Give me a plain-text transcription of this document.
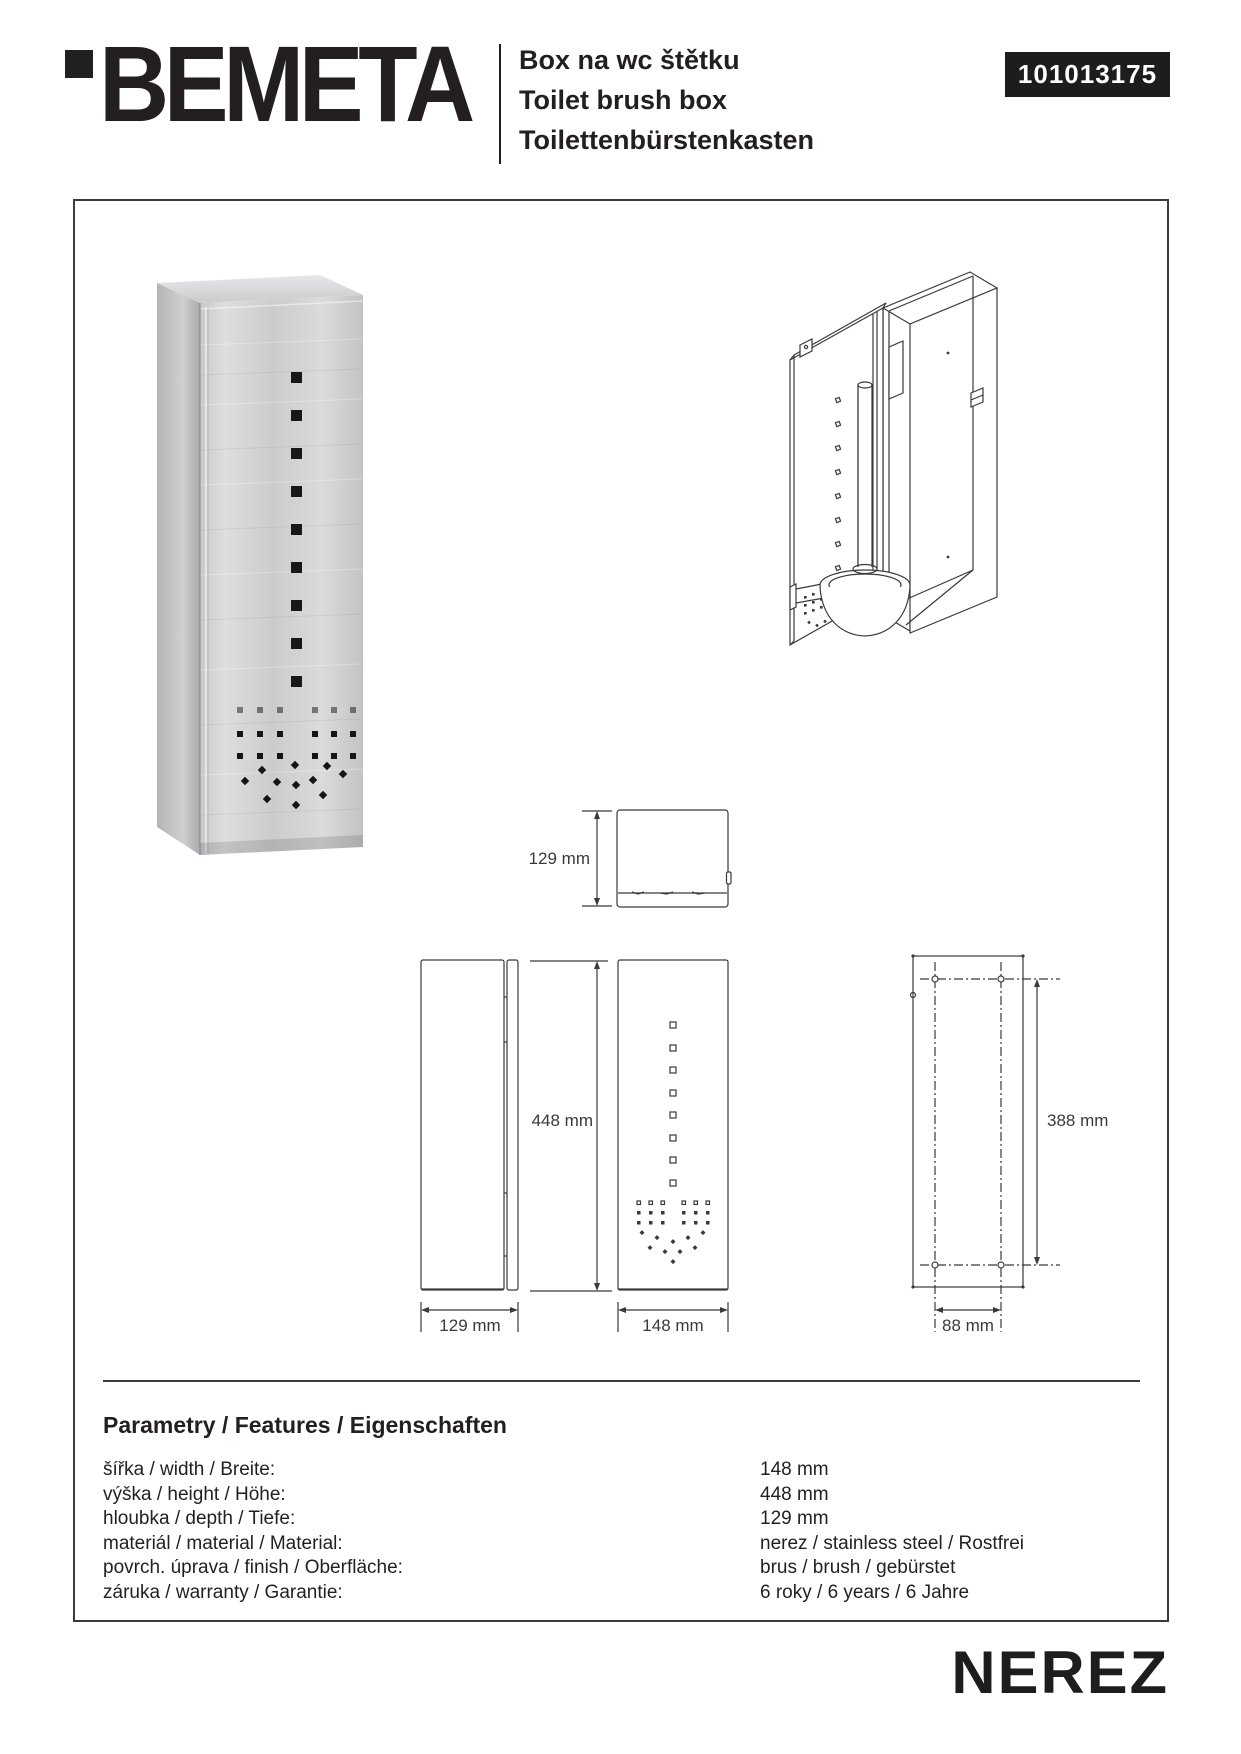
BEMETA Box na wc štětku
Toilet brush box
Toilettenbürstenkasten
101013175
129 mm
448 mm
129 mm	148 mm
388 mm
88 mm
Parametry / Features / Eigenschaften
šířka / width / Breite:	148 mm
výška / height / Höhe:	448 mm
hloubka / depth / Tiefe:	129 mm
materiál / material / Material:	nerez / stainless steel / Rostfrei
povrch. úprava / finish / Oberfläche:	brus / brush / gebürstet
záruka / warranty / Garantie:	6 roky / 6 years / 6 Jahre
NEREZ
